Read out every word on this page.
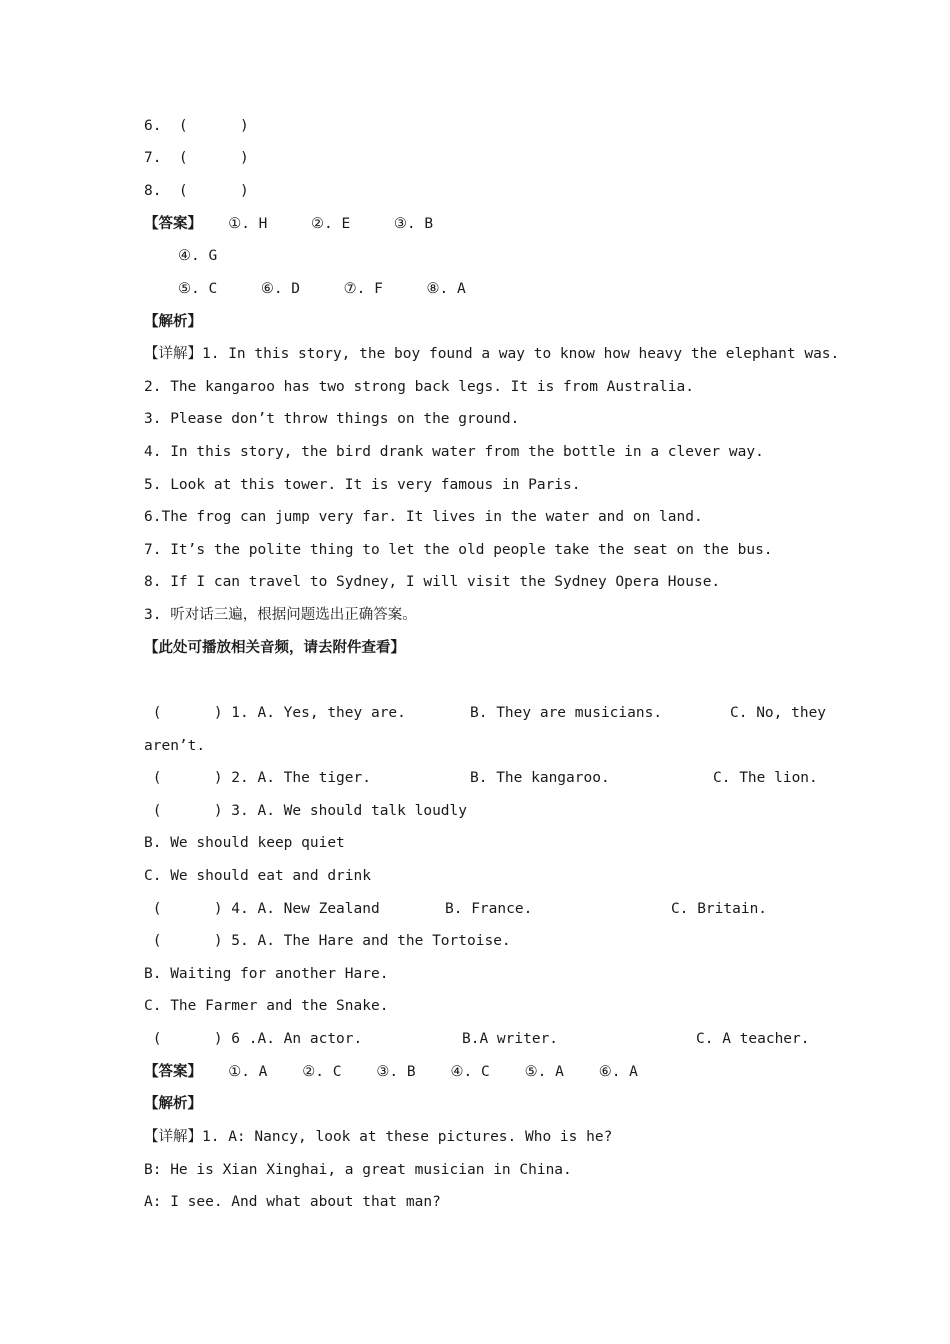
6.  (      )
7.  (      )
8.  (      )
【答案】   ①. H     ②. E     ③. B
④. G
⑤. C     ⑥. D     ⑦. F     ⑧. A
【解析】
【详解】1. In this story, the boy found a way to know how heavy the elephant was.
2. The kangaroo has two strong back legs. It is from Australia.
3. Please don’t throw things on the ground.
4. In this story, the bird drank water from the bottle in a clever way.
5. Look at this tower. It is very famous in Paris.
6.The frog can jump very far. It lives in the water and on land.
7. It’s the polite thing to let the old people take the seat on the bus.
8. If I can travel to Sydney, I will visit the Sydney Opera House.
3. 听对话三遍，根据问题选出正确答案。
【此处可播放相关音频，请去附件查看】

(      ) 1. A. Yes, they are.

	B. They are musicians.

	C. No, they

aren’t.

(      ) 2. A. The tiger.

	B. The kangaroo.

	C. The lion.

(      ) 3. A. We should talk loudly
B. We should keep quiet
C. We should eat and drink

(      ) 4. A. New Zealand

	B. France.

	C. Britain.

(      ) 5. A. The Hare and the Tortoise.
B. Waiting for another Hare.
C. The Farmer and the Snake.

(      ) 6 .A. An actor.

	B.A writer.

	C. A teacher.

【答案】   ①. A    ②. C    ③. B    ④. C    ⑤. A    ⑥. A
【解析】
【详解】1. A: Nancy, look at these pictures. Who is he?
B: He is Xian Xinghai, a great musician in China.
A: I see. And what about that man?
